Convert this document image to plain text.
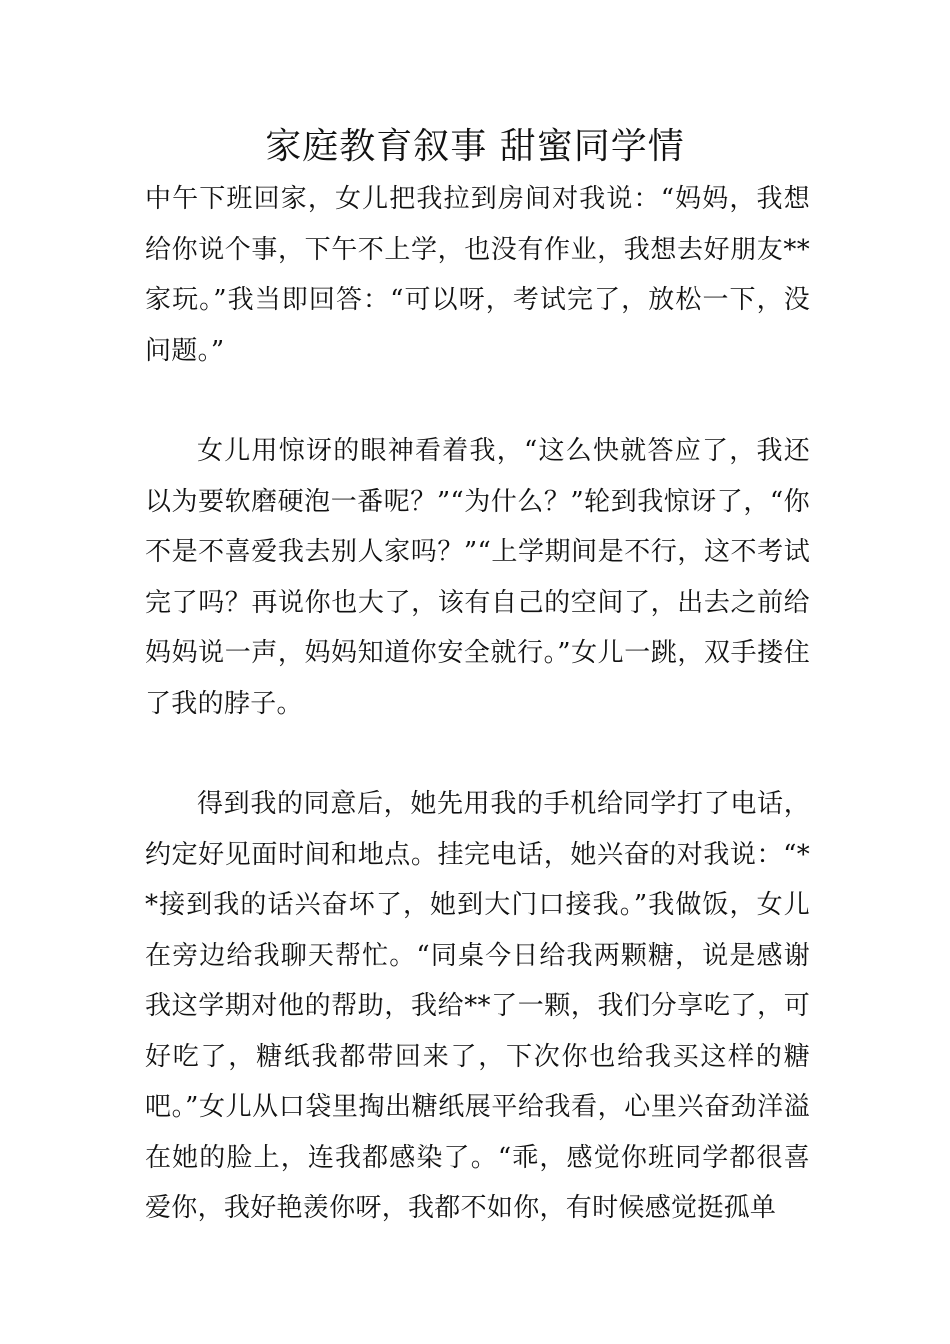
家庭教育叙事 甜蜜同学情

中午下班回家，女儿把我拉到房间对我说：“妈妈，我想给你说个事，下午不上学，也没有作业，我想去好朋友**家玩。”我当即回答：“可以呀，考试完了，放松一下，没问题。”

女儿用惊讶的眼神看着我，“这么快就答应了，我还以为要软磨硬泡一番呢？”“为什么？”轮到我惊讶了，“你不是不喜爱我去别人家吗？”“上学期间是不行，这不考试完了吗？再说你也大了，该有自己的空间了，出去之前给妈妈说一声，妈妈知道你安全就行。”女儿一跳，双手搂住了我的脖子。

得到我的同意后，她先用我的手机给同学打了电话，约定好见面时间和地点。挂完电话，她兴奋的对我说：“**接到我的话兴奋坏了，她到大门口接我。”我做饭，女儿在旁边给我聊天帮忙。“同桌今日给我两颗糖，说是感谢我这学期对他的帮助，我给**了一颗，我们分享吃了，可好吃了，糖纸我都带回来了，下次你也给我买这样的糖吧。”女儿从口袋里掏出糖纸展平给我看，心里兴奋劲洋溢在她的脸上，连我都感染了。“乖，感觉你班同学都很喜爱你，我好艳羡你呀，我都不如你，有时候感觉挺孤单
